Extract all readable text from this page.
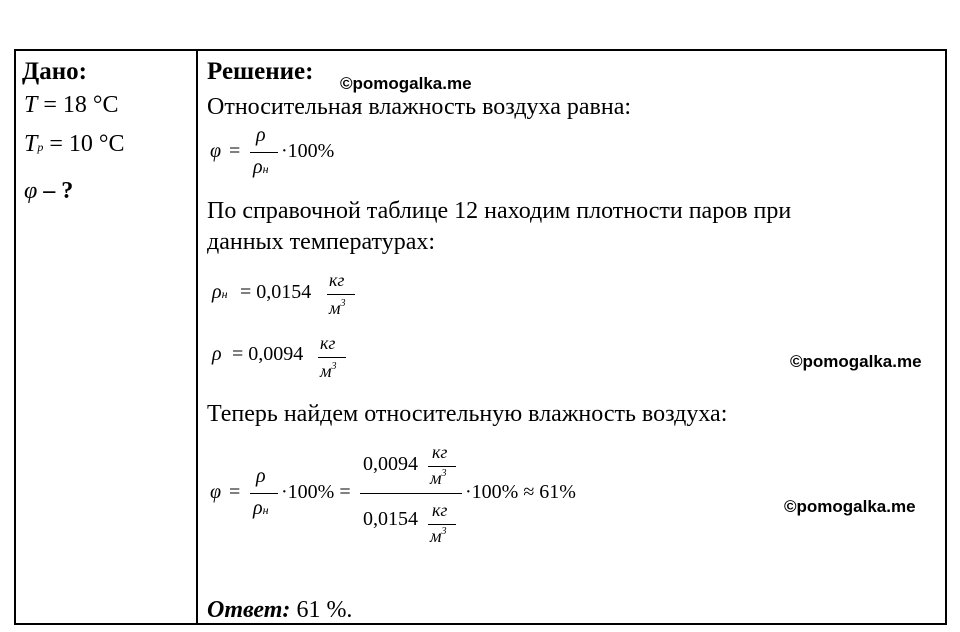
Дано:
T = 18 °C
Tр = 10 °C
φ – ?
Решение: ©pomogalka.me
Относительная влажность воздуха равна:
φ =
ρ
ρн
·100%
По справочной таблице 12 находим плотности паров при
данных температурах:
ρн = 0,0154
кг
$м^3$
ρ = 0,0094 кг
$м^3$	©pomogalka.me
Теперь найдем относительную влажность воздуха:
φ =
ρ
ρн
·100% =
0,0094
кг
$м^3$
0,0154 кг
$м^3$
·100% ≈ 61%
©pomogalka.me
Ответ: 61 %.
